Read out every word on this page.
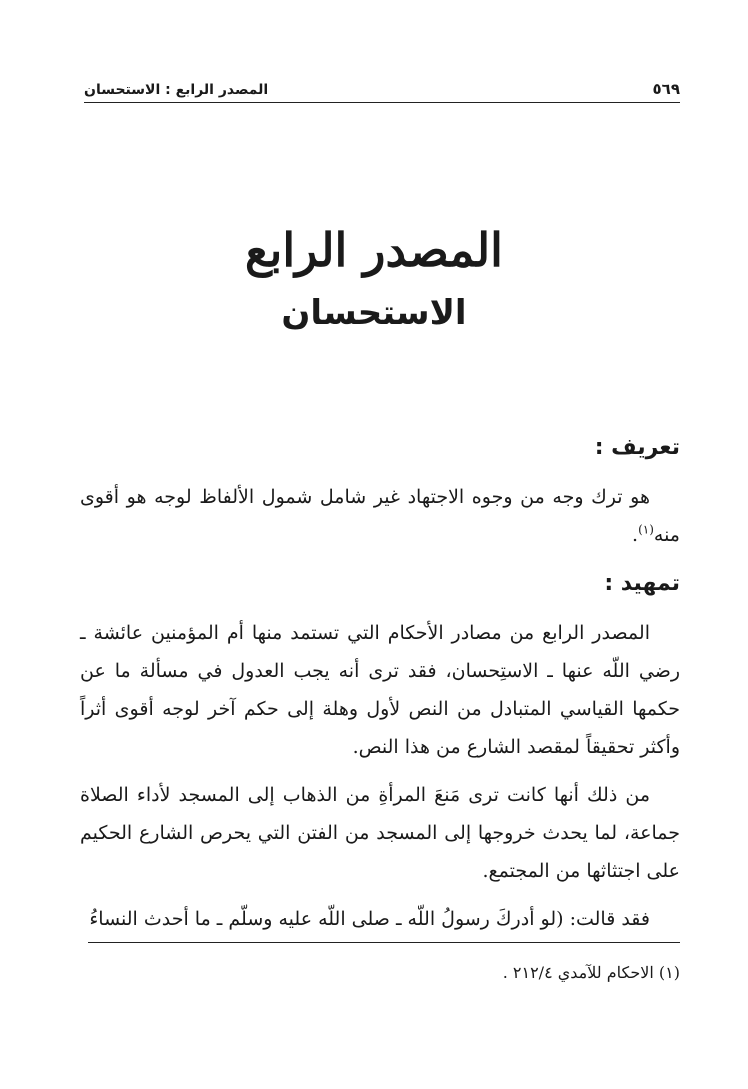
٥٦٩
المصدر الرابع : الاستحسان
المصدر الرابع
الاستحسان
تعريف :

هو ترك وجه من وجوه الاجتهاد غير شامل شمول الألفاظ لوجه هو أقوى منه$^{(١)}$.

تمهيد :

المصدر الرابع من مصادر الأحكام التي تستمد منها أم المؤمنين عائشة ـ رضي اللّه عنها ـ الاستِحسان، فقد ترى أنه يجب العدول في مسألة ما عن حكمها القياسي المتبادل من النص لأول وهلة إلى حكم آخر لوجه أقوى أثراً وأكثر تحقيقاً لمقصد الشارع من هذا النص.

من ذلك أنها كانت ترى مَنعَ المرأةِ من الذهاب إلى المسجد لأداء الصلاة جماعة، لما يحدث خروجها إلى المسجد من الفتن التي يحرص الشارع الحكيم على اجتثاثها من المجتمع.

فقد قالت: (لو أدركَ رسولُ اللّه ـ صلى اللّه عليه وسلّم ـ ما أحدث النساءُ

(١) الاحكام للآمدي ٢١٢/٤ .
